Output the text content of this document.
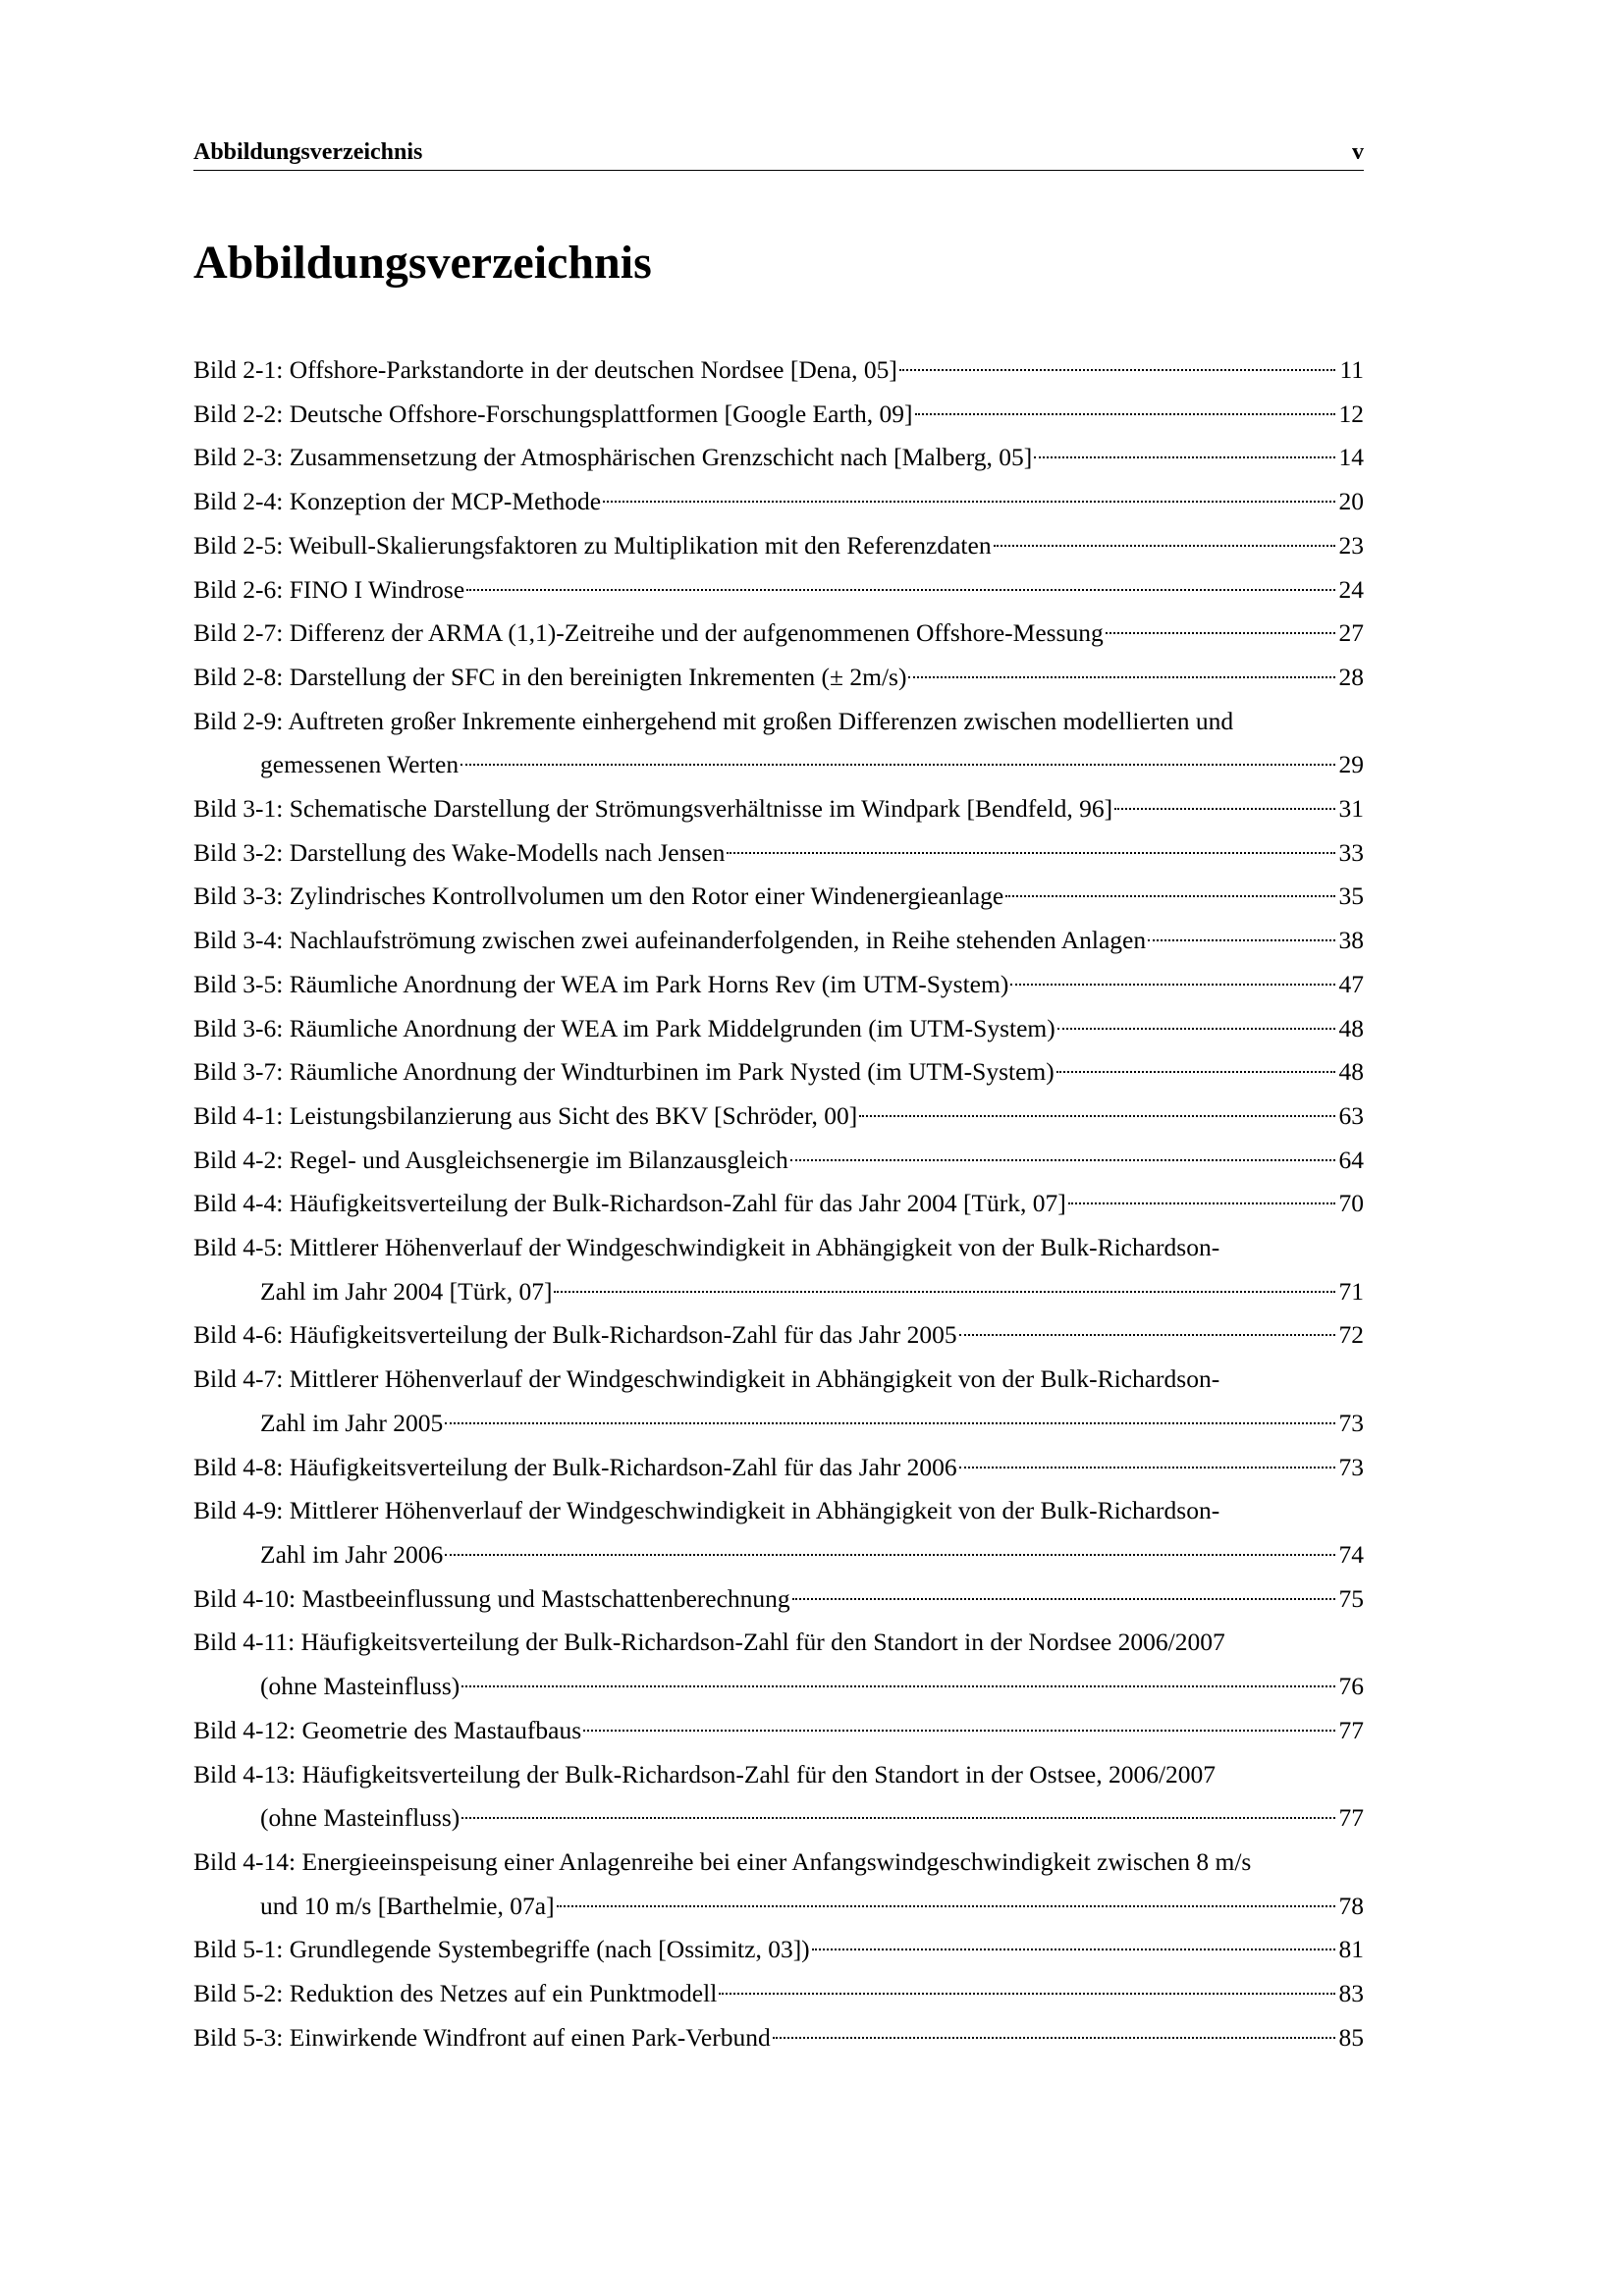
Abbildungsverzeichnis	v
Abbildungsverzeichnis
Bild 2-1: Offshore-Parkstandorte in der deutschen Nordsee [Dena, 05]	11
Bild 2-2: Deutsche Offshore-Forschungsplattformen [Google Earth, 09]	12
Bild 2-3: Zusammensetzung der Atmosphärischen Grenzschicht nach [Malberg, 05]	14
Bild 2-4: Konzeption der MCP-Methode	20
Bild 2-5: Weibull-Skalierungsfaktoren zu Multiplikation mit den Referenzdaten	23
Bild 2-6: FINO I Windrose	24
Bild 2-7: Differenz der ARMA (1,1)-Zeitreihe und der aufgenommenen Offshore-Messung	27
Bild 2-8: Darstellung der SFC in den bereinigten Inkrementen (± 2m/s)	28
Bild 2-9: Auftreten großer Inkremente einhergehend mit großen Differenzen zwischen modellierten und
gemessenen Werten	29
Bild 3-1: Schematische Darstellung der Strömungsverhältnisse im Windpark [Bendfeld, 96]	31
Bild 3-2: Darstellung des Wake-Modells nach Jensen	33
Bild 3-3: Zylindrisches Kontrollvolumen um den Rotor einer Windenergieanlage	35
Bild 3-4: Nachlaufströmung zwischen zwei aufeinanderfolgenden, in Reihe stehenden Anlagen	38
Bild 3-5: Räumliche Anordnung der WEA im Park Horns Rev (im UTM-System)	47
Bild 3-6: Räumliche Anordnung der WEA im Park Middelgrunden (im UTM-System)	48
Bild 3-7: Räumliche Anordnung der Windturbinen im Park Nysted (im UTM-System)	48
Bild 4-1: Leistungsbilanzierung aus Sicht des BKV [Schröder, 00]	63
Bild 4-2: Regel- und Ausgleichsenergie im Bilanzausgleich	64
Bild 4-4: Häufigkeitsverteilung der Bulk-Richardson-Zahl für das Jahr 2004 [Türk, 07]	70
Bild 4-5: Mittlerer Höhenverlauf der Windgeschwindigkeit in Abhängigkeit von der Bulk-Richardson-
Zahl im Jahr 2004 [Türk, 07]	71
Bild 4-6: Häufigkeitsverteilung der Bulk-Richardson-Zahl für das Jahr 2005	72
Bild 4-7: Mittlerer Höhenverlauf der Windgeschwindigkeit in Abhängigkeit von der Bulk-Richardson-
Zahl im Jahr 2005	73
Bild 4-8: Häufigkeitsverteilung der Bulk-Richardson-Zahl für das Jahr 2006	73
Bild 4-9: Mittlerer Höhenverlauf der Windgeschwindigkeit in Abhängigkeit von der Bulk-Richardson-
Zahl im Jahr 2006	74
Bild 4-10: Mastbeeinflussung und Mastschattenberechnung	75
Bild 4-11: Häufigkeitsverteilung der Bulk-Richardson-Zahl für den Standort in der Nordsee 2006/2007
(ohne Masteinfluss)	76
Bild 4-12: Geometrie des Mastaufbaus	77
Bild 4-13: Häufigkeitsverteilung der Bulk-Richardson-Zahl für den Standort in der Ostsee, 2006/2007
(ohne Masteinfluss)	77
Bild 4-14: Energieeinspeisung einer Anlagenreihe bei einer Anfangswindgeschwindigkeit zwischen 8 m/s
und 10 m/s [Barthelmie, 07a]	78
Bild 5-1: Grundlegende Systembegriffe (nach [Ossimitz, 03])	81
Bild 5-2: Reduktion des Netzes auf ein Punktmodell	83
Bild 5-3: Einwirkende Windfront auf einen Park-Verbund	85
